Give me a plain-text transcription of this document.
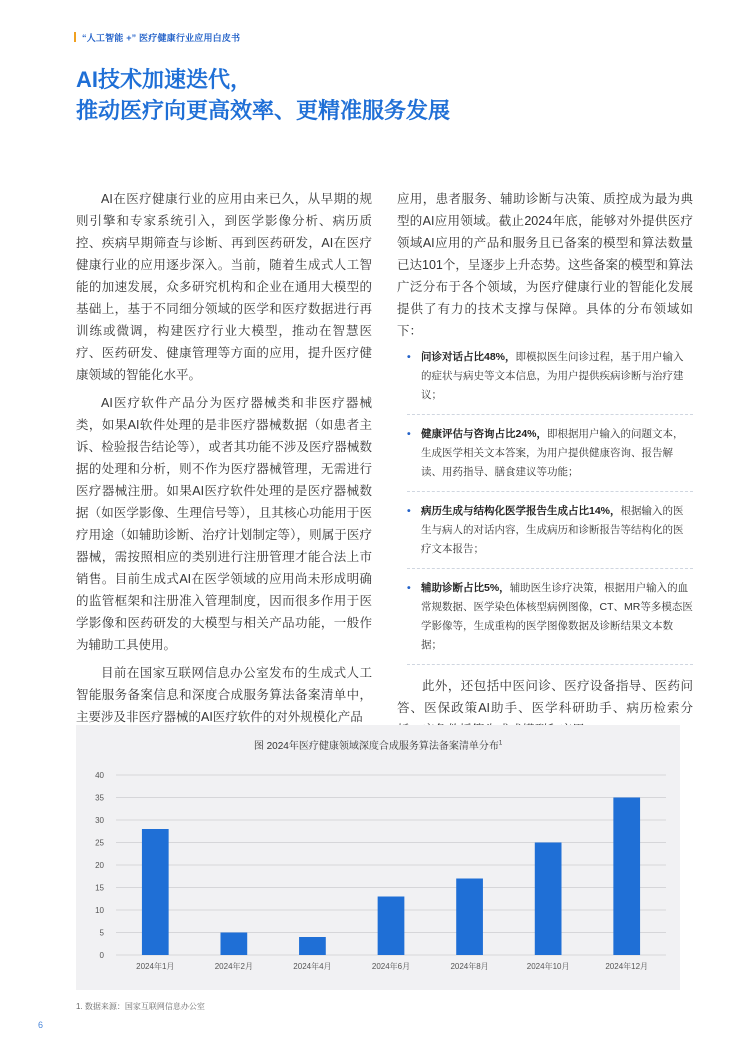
“人工智能 +” 医疗健康行业应用白皮书
AI技术加速迭代，
推动医疗向更高效率、更精准服务发展

AI在医疗健康行业的应用由来已久，从早期的规则引擎和专家系统引入，到医学影像分析、病历质控、疾病早期筛查与诊断、再到医药研发，AI在医疗健康行业的应用逐步深入。当前，随着生成式人工智能的加速发展，众多研究机构和企业在通用大模型的基础上，基于不同细分领域的医学和医疗数据进行再训练或微调，构建医疗行业大模型，推动在智慧医疗、医药研发、健康管理等方面的应用，提升医疗健康领域的智能化水平。

AI医疗软件产品分为医疗器械类和非医疗器械类，如果AI软件处理的是非医疗器械数据（如患者主诉、检验报告结论等），或者其功能不涉及医疗器械数据的处理和分析，则不作为医疗器械管理，无需进行医疗器械注册。如果AI医疗软件处理的是医疗器械数据（如医学影像、生理信号等），且其核心功能用于医疗用途（如辅助诊断、治疗计划制定等），则属于医疗器械，需按照相应的类别进行注册管理才能合法上市销售。目前生成式AI在医学领域的应用尚未形成明确的监管框架和注册准入管理制度，因而很多作用于医学影像和医药研发的大模型与相关产品功能，一般作为辅助工具使用。

目前在国家互联网信息办公室发布的生成式人工智能服务备案信息和深度合成服务算法备案清单中，主要涉及非医疗器械的AI医疗软件的对外规模化产品

应用，患者服务、辅助诊断与决策、质控成为最为典型的AI应用领域。截止2024年底，能够对外提供医疗领域AI应用的产品和服务且已备案的模型和算法数量已达101个，呈逐步上升态势。这些备案的模型和算法广泛分布于各个领域，为医疗健康行业的智能化发展提供了有力的技术支撑与保障。具体的分布领域如下：

• 问诊对话占比48%，即模拟医生问诊过程，基于用户输入的症状与病史等文本信息，为用户提供疾病诊断与治疗建议；
• 健康评估与咨询占比24%，即根据用户输入的问题文本，生成医学相关文本答案，为用户提供健康咨询、报告解读、用药指导、膳食建议等功能；
• 病历生成与结构化医学报告生成占比14%，根据输入的医生与病人的对话内容，生成病历和诊断报告等结构化的医疗文本报告；
• 辅助诊断占比5%，辅助医生诊疗决策，根据用户输入的血常规数据、医学染色体核型病例图像，CT、MR等多模态医学影像等，生成重构的医学图像数据及诊断结果文本数据；

此外，还包括中医问诊、医疗设备指导、医药问答、医保政策AI助手、医学科研助手、病历检索分

图 2024年医疗健康领域深度合成服务算法备案清单分布$^1$
0
5
10
15
20
25
30
35
40
2024年1月	2024年2月	2024年4月	2024年6月	2024年8月	2024年10月	2024年12月
1. 数据来源：国家互联网信息办公室
6
